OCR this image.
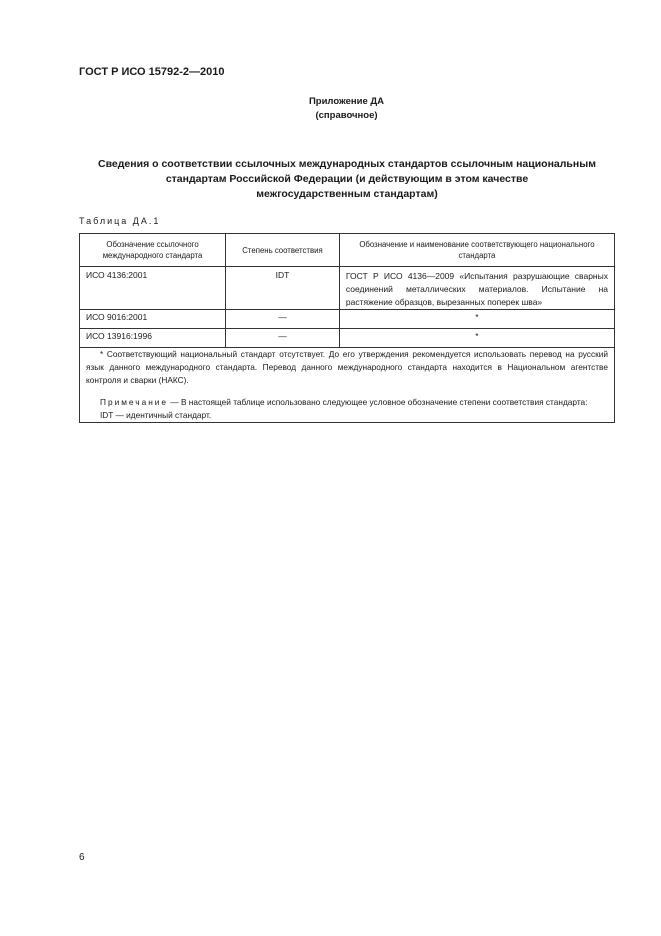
ГОСТ Р ИСО 15792-2—2010
Приложение ДА
(справочное)
Сведения о соответствии ссылочных международных стандартов ссылочным национальным
стандартам Российской Федерации (и действующим в этом качестве
межгосударственным стандартам)
Таблица ДА.1
Обозначение ссылочного международного стандарта	Степень соответствия	Обозначение и наименование соответствующего национального стандарта
ИСО 4136:2001	IDT	ГОСТ Р ИСО 4136—2009 «Испытания разрушающие сварных соединений металлических материалов. Испытание на растяжение образцов, вырезанных поперек шва»
ИСО 9016:2001	—	*
ИСО 13916:1996	—	*

* Соответствующий национальный стандарт отсутствует. До его утверждения рекомендуется использовать перевод на русский язык данного международного стандарта. Перевод данного международного стандарта находится в Национальном агентстве контроля и сварки (НАКС).
Примечание — В настоящей таблице использовано следующее условное обозначение степени соответствия стандарта:
IDT — идентичный стандарт.		
6
